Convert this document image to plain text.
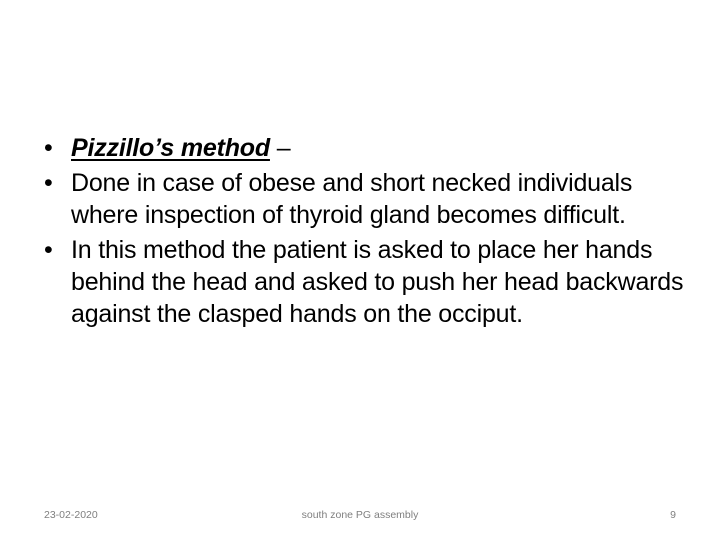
• Pizzillo’s method –
• Done in case of obese and short necked individuals where inspection of thyroid gland becomes difficult.
• In this method the patient is asked to place her hands behind the head and asked to push her head backwards against the clasped hands on the occiput.
south zone PG assembly
23-02-2020	9
